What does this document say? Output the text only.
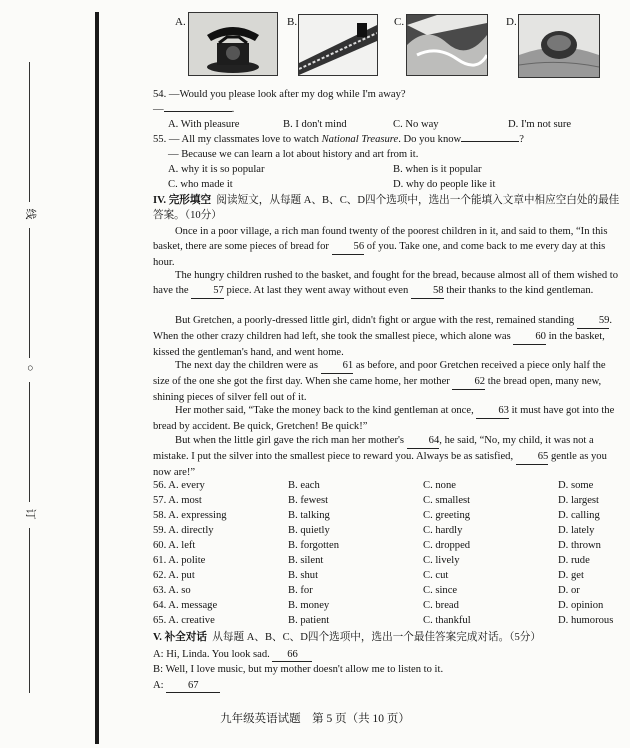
线
○
订
A.	B.	C.	D.
54. —Would you please look after my dog while I'm away?
—	.
A. With pleasure	B. I don't mind	C. No way	D. I'm not sure
55. — All my classmates love to watch National Treasure. Do you know	?
— Because we can learn a lot about history and art from it.
A. why it is so popular	B. when is it popular
C. who made it	D. why do people like it
IV. 完形填空 阅读短文，从每题 A、B、C、D四个选项中，选出一个能填入文章中相应空白处的最佳答案。（10分）
Once in a poor village, a rich man found twenty of the poorest children in it, and said to them, “In this basket, there are some pieces of bread for 56 of you. Take one, and come back to me every day at this hour.
The hungry children rushed to the basket, and fought for the bread, because almost all of them wished to have the 57 piece. At last they went away without even 58 their thanks to the kind gentleman.
But Gretchen, a poorly-dressed little girl, didn't fight or argue with the rest, remained standing 59. When the other crazy children had left, she took the smallest piece, which alone was 60 in the basket, kissed the gentleman's hand, and went home.
The next day the children were as 61 as before, and poor Gretchen received a piece only half the size of the one she got the first day. When she came home, her mother 62 the bread open, many new, shining pieces of silver fell out of it.
Her mother said, “Take the money back to the kind gentleman at once, 63 it must have got into the bread by accident. Be quick, Gretchen! Be quick!”
But when the little girl gave the rich man her mother's 64, he said, “No, my child, it was not a mistake. I put the silver into the smallest piece to reward you. Always be as satisfied, 65 gentle as you now are!”
56. A. every	B. each	C. none	D. some
57. A. most	B. fewest	C. smallest	D. largest
58. A. expressing	B. talking	C. greeting	D. calling
59. A. directly	B. quietly	C. hardly	D. lately
60. A. left	B. forgotten	C. dropped	D. thrown
61. A. polite	B. silent	C. lively	D. rude
62. A. put	B. shut	C. cut	D. get
63. A. so	B. for	C. since	D. or
64. A. message	B. money	C. bread	D. opinion
65. A. creative	B. patient	C. thankful	D. humorous
V. 补全对话 从每题 A、B、C、D四个选项中，选出一个最佳答案完成对话。（5分）
A: Hi, Linda. You look sad. 66
B: Well, I love music, but my mother doesn't allow me to listen to it.
A: 67
九年级英语试题　第 5 页（共 10 页）
